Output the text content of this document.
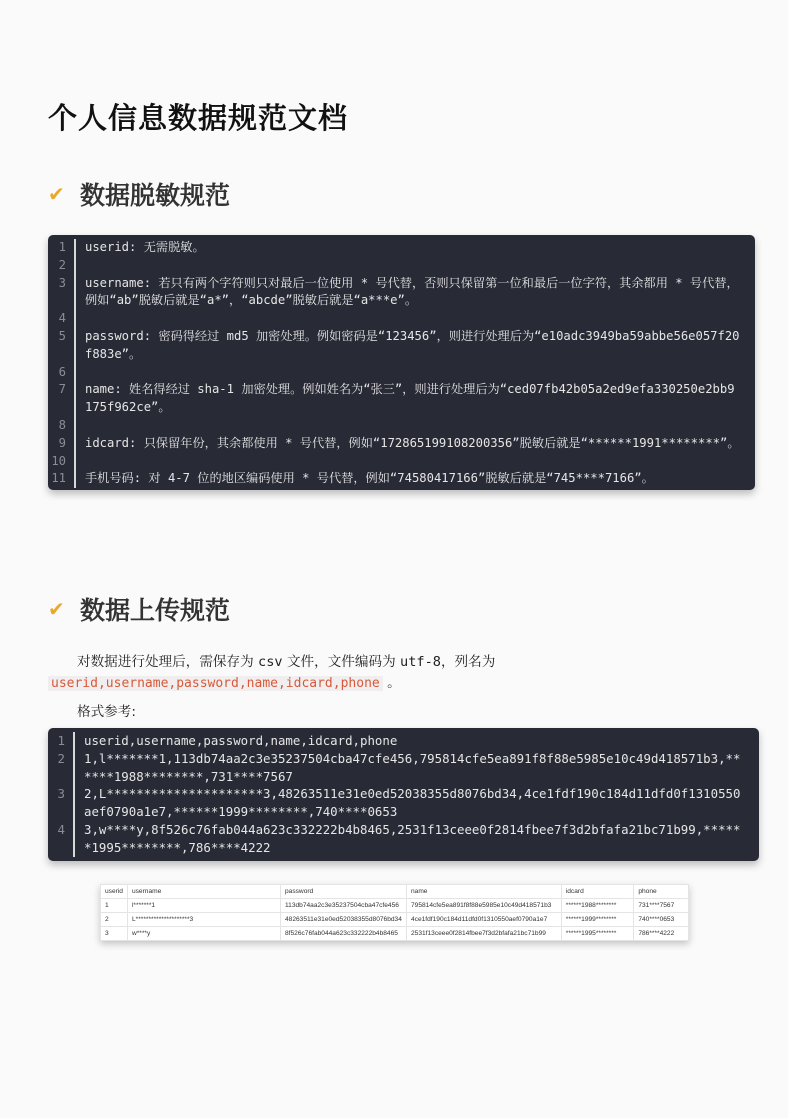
个人信息数据规范文档
✔ 数据脱敏规范
1	userid: 无需脱敏。
2
3	username: 若只有两个字符则只对最后一位使用 * 号代替，否则只保留第一位和最后一位字符，其余都用 * 号代替，例如“ab”脱敏后就是“a*”，“abcde”脱敏后就是“a***e”。
4
5	password: 密码得经过 md5 加密处理。例如密码是“123456”，则进行处理后为“e10adc3949ba59abbe56e057f20f883e”。
6
7	name: 姓名得经过 sha-1 加密处理。例如姓名为“张三”，则进行处理后为“ced07fb42b05a2ed9efa330250e2bb9175f962ce”。
8
9	idcard: 只保留年份，其余都使用 * 号代替，例如“172865199108200356”脱敏后就是“******1991********”。
10
11	手机号码: 对 4-7 位的地区编码使用 * 号代替，例如“74580417166”脱敏后就是“745****7166”。
✔ 数据上传规范

对数据进行处理后，需保存为 csv 文件，文件编码为 utf-8，列名为 userid,username,password,name,idcard,phone 。

格式参考:

1	userid,username,password,name,idcard,phone
2	1,l*******1,113db74aa2c3e35237504cba47cfe456,795814cfe5ea891f8f88e5985e10c49d418571b3,******1988********,731****7567
3	2,L*********************3,48263511e31e0ed52038355d8076bd34,4ce1fdf190c184d11dfd0f1310550aef0790a1e7,******1999********,740****0653
4	3,w****y,8f526c76fab044a623c332222b4b8465,2531f13ceee0f2814fbee7f3d2bfafa21bc71b99,******1995********,786****4222
userid	username	password	name	idcard	phone
1	l*******1	113db74aa2c3e35237504cba47cfe456	795814cfe5ea891f8f88e5985e10c49d418571b3	******1988********	731****7567
2	L*********************3	48263511e31e0ed52038355d8076bd34	4ce1fdf190c184d11dfd0f1310550aef0790a1e7	******1999********	740****0653
3	w****y	8f526c76fab044a623c332222b4b8465	2531f13ceee0f2814fbee7f3d2bfafa21bc71b99	******1995********	786****4222
